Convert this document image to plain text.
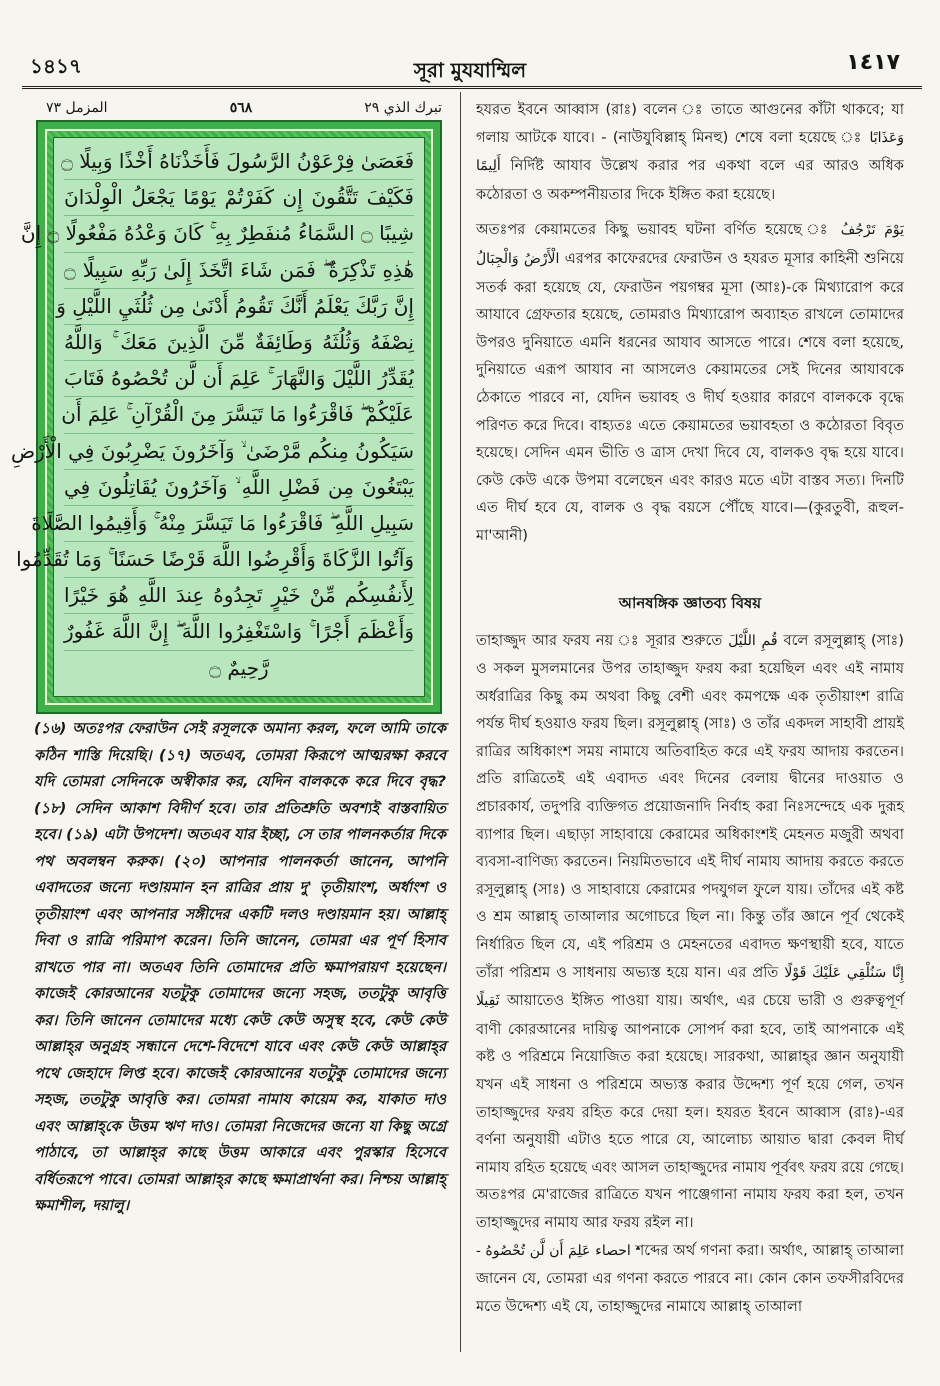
১৪১৭	সূরা মুযযাম্মিল	١٤١٧
المزمل ٧٣	٥٦٨	تبرك الذي ٢٩
فَعَصَىٰ فِرْعَوْنُ الرَّسُولَ فَأَخَذْنَاهُ أَخْذًا وَبِيلًا ۝
فَكَيْفَ تَتَّقُونَ إِن كَفَرْتُمْ يَوْمًا يَجْعَلُ الْوِلْدَانَ
شِيبًا ۝ السَّمَاءُ مُنفَطِرٌ بِهِ ۚ كَانَ وَعْدُهُ مَفْعُولًا ۝ إِنَّ
هَٰذِهِ تَذْكِرَةٌ ۖ فَمَن شَاءَ اتَّخَذَ إِلَىٰ رَبِّهِ سَبِيلًا ۝
إِنَّ رَبَّكَ يَعْلَمُ أَنَّكَ تَقُومُ أَدْنَىٰ مِن ثُلُثَيِ اللَّيْلِ وَ
نِصْفَهُ وَثُلُثَهُ وَطَائِفَةٌ مِّنَ الَّذِينَ مَعَكَ ۚ وَاللَّهُ
يُقَدِّرُ اللَّيْلَ وَالنَّهَارَ ۚ عَلِمَ أَن لَّن تُحْصُوهُ فَتَابَ
عَلَيْكُمْ ۖ فَاقْرَءُوا مَا تَيَسَّرَ مِنَ الْقُرْآنِ ۚ عَلِمَ أَن
سَيَكُونُ مِنكُم مَّرْضَىٰ ۙ وَآخَرُونَ يَضْرِبُونَ فِي الْأَرْضِ
يَبْتَغُونَ مِن فَضْلِ اللَّهِ ۙ وَآخَرُونَ يُقَاتِلُونَ فِي
سَبِيلِ اللَّهِ ۖ فَاقْرَءُوا مَا تَيَسَّرَ مِنْهُ ۚ وَأَقِيمُوا الصَّلَاةَ
وَآتُوا الزَّكَاةَ وَأَقْرِضُوا اللَّهَ قَرْضًا حَسَنًا ۚ وَمَا تُقَدِّمُوا
لِأَنفُسِكُم مِّنْ خَيْرٍ تَجِدُوهُ عِندَ اللَّهِ هُوَ خَيْرًا
وَأَعْظَمَ أَجْرًا ۚ وَاسْتَغْفِرُوا اللَّهَ ۖ إِنَّ اللَّهَ غَفُورٌ
رَّحِيمٌ ۝

(১৬) অতঃপর ফেরাউন সেই রসূলকে অমান্য করল, ফলে আমি তাকে কঠিন শাস্তি দিয়েছি। (১৭) অতএব, তোমরা কিরূপে আত্মরক্ষা করবে যদি তোমরা সেদিনকে অস্বীকার কর, যেদিন বালককে করে দিবে বৃদ্ধ? (১৮) সেদিন আকাশ বিদীর্ণ হবে। তার প্রতিশ্রুতি অবশ্যই বাস্তবায়িত হবে। (১৯) এটা উপদেশ। অতএব যার ইচ্ছা, সে তার পালনকর্তার দিকে পথ অবলম্বন করুক। (২০) আপনার পালনকর্তা জানেন, আপনি এবাদতের জন্যে দণ্ডায়মান হন রাত্রির প্রায় দু' তৃতীয়াংশ, অর্ধাংশ ও তৃতীয়াংশ এবং আপনার সঙ্গীদের একটি দলও দণ্ডায়মান হয়। আল্লাহ্ দিবা ও রাত্রি পরিমাপ করেন। তিনি জানেন, তোমরা এর পূর্ণ হিসাব রাখতে পার না। অতএব তিনি তোমাদের প্রতি ক্ষমাপরায়ণ হয়েছেন। কাজেই কোরআনের যতটুকু তোমাদের জন্যে সহজ, ততটুকু আবৃত্তি কর। তিনি জানেন তোমাদের মধ্যে কেউ কেউ অসুস্থ হবে, কেউ কেউ আল্লাহ্‌র অনুগ্রহ সন্ধানে দেশে-বিদেশে যাবে এবং কেউ কেউ আল্লাহ্‌র পথে জেহাদে লিপ্ত হবে। কাজেই কোরআনের যতটুকু তোমাদের জন্যে সহজ, ততটুকু আবৃত্তি কর। তোমরা নামায কায়েম কর, যাকাত দাও এবং আল্লাহ্‌কে উত্তম ঋণ দাও। তোমরা নিজেদের জন্যে যা কিছু অগ্রে পাঠাবে, তা আল্লাহ্‌র কাছে উত্তম আকারে এবং পুরস্কার হিসেবে বর্ধিতরূপে পাবে। তোমরা আল্লাহ্‌র কাছে ক্ষমাপ্রার্থনা কর। নিশ্চয় আল্লাহ্ ক্ষমাশীল, দয়ালু।

হযরত ইবনে আব্বাস (রাঃ) বলেন ঃ তাতে আগুনের কাঁটা থাকবে; যা গলায় আটকে যাবে। - (নাউযুবিল্লাহ্ মিনহু) শেষে বলা হয়েছে ঃ وَعَذَابًا أَلِيمًا নির্দিষ্ট আযাব উল্লেখ করার পর একথা বলে এর আরও অধিক কঠোরতা ও অকম্পনীয়তার দিকে ইঙ্গিত করা হয়েছে।

অতঃপর কেয়ামতের কিছু ভয়াবহ ঘটনা বর্ণিত হয়েছে ঃ يَوْمَ تَرْجُفُ الْأَرْضُ وَالْجِبَالُ এরপর কাফেরদের ফেরাউন ও হযরত মূসার কাহিনী শুনিয়ে সতর্ক করা হয়েছে যে, ফেরাউন পয়গম্বর মূসা (আঃ)-কে মিথ্যারোপ করে আযাবে গ্রেফতার হয়েছে, তোমরাও মিথ্যারোপ অব্যাহত রাখলে তোমাদের উপরও দুনিয়াতে এমনি ধরনের আযাব আসতে পারে। শেষে বলা হয়েছে, দুনিয়াতে এরূপ আযাব না আসলেও কেয়ামতের সেই দিনের আযাবকে ঠেকাতে পারবে না, যেদিন ভয়াবহ ও দীর্ঘ হওয়ার কারণে বালককে বৃদ্ধে পরিণত করে দিবে। বাহ্যতঃ এতে কেয়ামতের ভয়াবহতা ও কঠোরতা বিবৃত হয়েছে। সেদিন এমন ভীতি ও ত্রাস দেখা দিবে যে, বালকও বৃদ্ধ হয়ে যাবে। কেউ কেউ একে উপমা বলেছেন এবং কারও মতে এটা বাস্তব সত্য। দিনটি এত দীর্ঘ হবে যে, বালক ও বৃদ্ধ বয়সে পৌঁছে যাবে।—(কুরতুবী, রূহুল-মা'আনী)

আনষঙ্গিক জ্ঞাতব্য বিষয়

তাহাজ্জুদ আর ফরয নয় ঃ সূরার শুরুতে قُمِ اللَّيْلَ বলে রসূলুল্লাহ্ (সাঃ) ও সকল মুসলমানের উপর তাহাজ্জুদ ফরয করা হয়েছিল এবং এই নামায অর্ধরাত্রির কিছু কম অথবা কিছু বেশী এবং কমপক্ষে এক তৃতীয়াংশ রাত্রি পর্যন্ত দীর্ঘ হওয়াও ফরয ছিল। রসূলুল্লাহ্ (সাঃ) ও তাঁর একদল সাহাবী প্রায়ই রাত্রির অধিকাংশ সময় নামাযে অতিবাহিত করে এই ফরয আদায় করতেন। প্রতি রাত্রিতেই এই এবাদত এবং দিনের বেলায় দ্বীনের দাওয়াত ও প্রচারকার্য, তদুপরি ব্যক্তিগত প্রয়োজনাদি নির্বাহ করা নিঃসন্দেহে এক দুরূহ ব্যাপার ছিল। এছাড়া সাহাবায়ে কেরামের অধিকাংশই মেহনত মজুরী অথবা ব্যবসা-বাণিজ্য করতেন। নিয়মিতভাবে এই দীর্ঘ নামায আদায় করতে করতে রসূলুল্লাহ্ (সাঃ) ও সাহাবায়ে কেরামের পদযুগল ফুলে যায়। তাঁদের এই কষ্ট ও শ্রম আল্লাহ্ তাআলার অগোচরে ছিল না। কিন্তু তাঁর জ্ঞানে পূর্ব থেকেই নির্ধারিত ছিল যে, এই পরিশ্রম ও মেহনতের এবাদত ক্ষণস্থায়ী হবে, যাতে তাঁরা পরিশ্রম ও সাধনায় অভ্যস্ত হয়ে যান। এর প্রতি إِنَّا سَنُلْقِي عَلَيْكَ قَوْلًا ثَقِيلًا আয়াতেও ইঙ্গিত পাওয়া যায়। অর্থাৎ, এর চেয়ে ভারী ও গুরুত্বপূর্ণ বাণী কোরআনের দায়িত্ব আপনাকে সোপর্দ করা হবে, তাই আপনাকে এই কষ্ট ও পরিশ্রমে নিয়োজিত করা হয়েছে। সারকথা, আল্লাহ্‌র জ্ঞান অনুযায়ী যখন এই সাধনা ও পরিশ্রমে অভ্যস্ত করার উদ্দেশ্য পূর্ণ হয়ে গেল, তখন তাহাজ্জুদের ফরয রহিত করে দেয়া হল। হযরত ইবনে আব্বাস (রাঃ)-এর বর্ণনা অনুযায়ী এটাও হতে পারে যে, আলোচ্য আয়াত দ্বারা কেবল দীর্ঘ নামায রহিত হয়েছে এবং আসল তাহাজ্জুদের নামায পূর্ববৎ ফরয রয়ে গেছে। অতঃপর মে'রাজের রাত্রিতে যখন পাঞ্জেগানা নামায ফরয করা হল, তখন তাহাজ্জুদের নামায আর ফরয রইল না।

عَلِمَ أَن لَّن تُحْصُوهُ - احصاء শব্দের অর্থ গণনা করা। অর্থাৎ, আল্লাহ্ তাআলা জানেন যে, তোমরা এর গণনা করতে পারবে না। কোন কোন তফসীরবিদের মতে উদ্দেশ্য এই যে, তাহাজ্জুদের নামাযে আল্লাহ্ তাআলা
